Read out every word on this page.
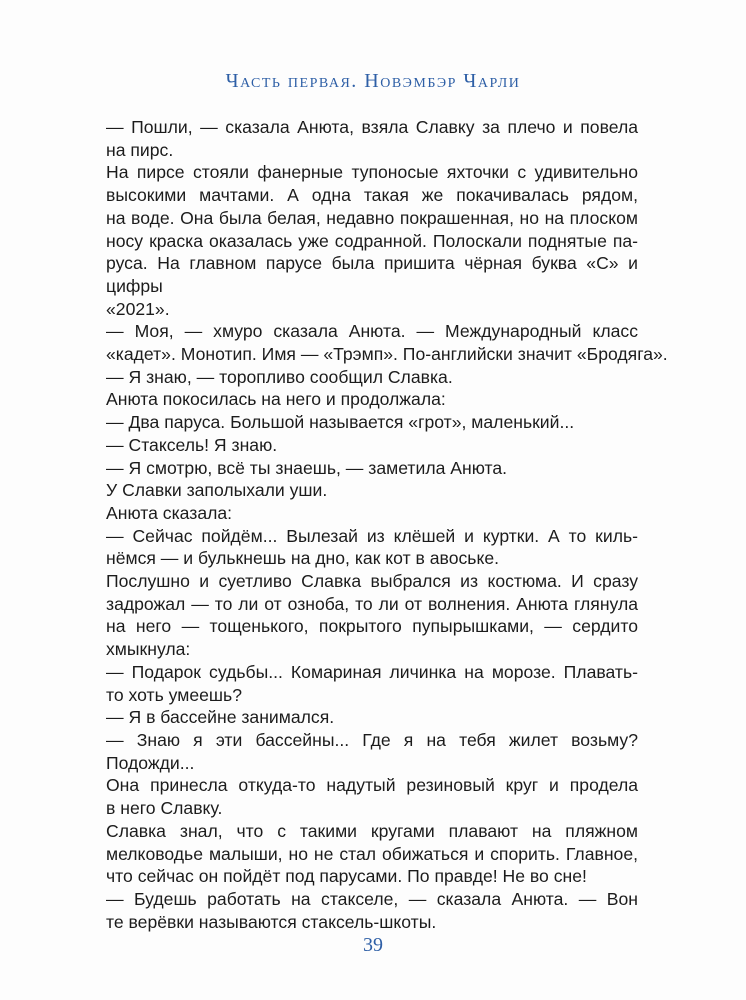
Часть первая. Новэмбэр Чарли

— Пошли, — сказала Анюта, взяла Славку за плечо и повела
на пирс.

На пирсе стояли фанерные тупоносые яхточки с удивительно
высокими мачтами. А одна такая же покачивалась рядом,
на воде. Она была белая, недавно покрашенная, но на плоском
носу краска оказалась уже содранной. Полоскали поднятые па-
руса. На главном парусе была пришита чёрная буква «С» и цифры
«2021».

— Моя, — хмуро сказала Анюта. — Международный класс
«кадет». Монотип. Имя — «Трэмп». По-английски значит «Бродяга».

— Я знаю, — торопливо сообщил Славка.

Анюта покосилась на него и продолжала:

— Два паруса. Большой называется «грот», маленький...

— Стаксель! Я знаю.

— Я смотрю, всё ты знаешь, — заметила Анюта.

У Славки заполыхали уши.

Анюта сказала:

— Сейчас пойдём... Вылезай из клёшей и куртки. А то киль-
нёмся — и булькнешь на дно, как кот в авоське.

Послушно и суетливо Славка выбрался из костюма. И сразу
задрожал — то ли от озноба, то ли от волнения. Анюта глянула
на него — тощенького, покрытого пупырышками, — сердито
хмыкнула:

— Подарок судьбы... Комариная личинка на морозе. Плавать-
то хоть умеешь?

— Я в бассейне занимался.

— Знаю я эти бассейны... Где я на тебя жилет возьму?
Подожди...

Она принесла откуда-то надутый резиновый круг и продела
в него Славку.

Славка знал, что с такими кругами плавают на пляжном
мелководье малыши, но не стал обижаться и спорить. Главное,
что сейчас он пойдёт под парусами. По правде! Не во сне!

— Будешь работать на стакселе, — сказала Анюта. — Вон
те верёвки называются стаксель-шкоты.

39
